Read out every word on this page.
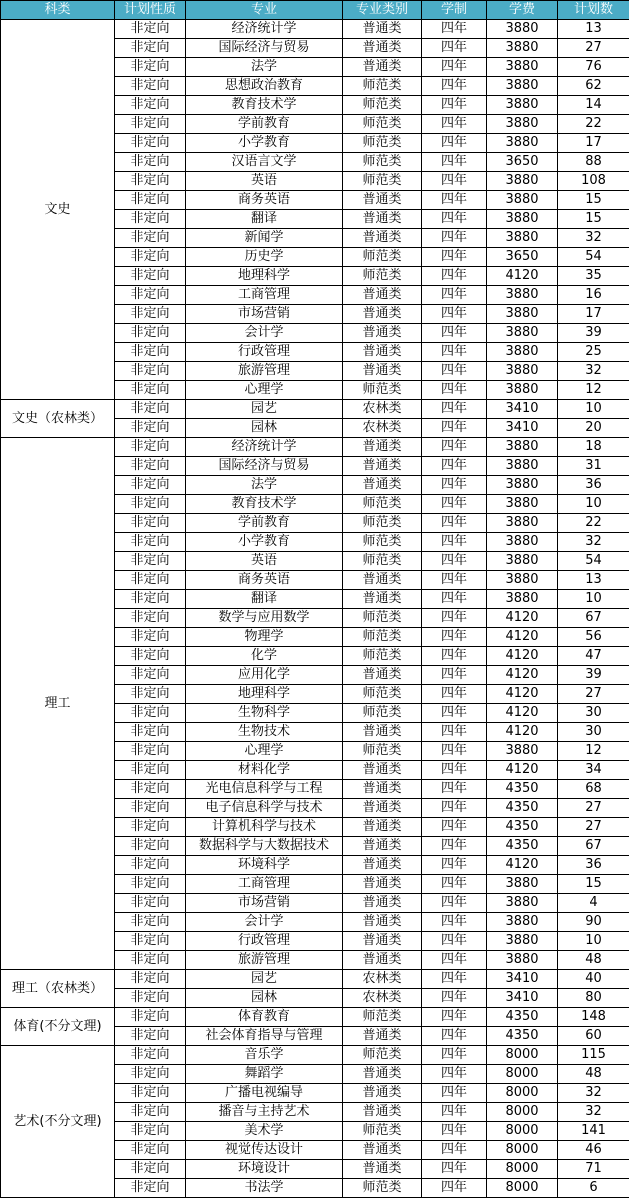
科类	计划性质	专业	专业类别	学制	学费	计划数
文史	非定向	经济统计学	普通类	四年	3880	13
	非定向	国际经济与贸易	普通类	四年	3880	27
	非定向	法学	普通类	四年	3880	76
	非定向	思想政治教育	师范类	四年	3880	62
	非定向	教育技术学	师范类	四年	3880	14
	非定向	学前教育	师范类	四年	3880	22
	非定向	小学教育	师范类	四年	3880	17
	非定向	汉语言文学	师范类	四年	3650	88
	非定向	英语	师范类	四年	3880	108
	非定向	商务英语	普通类	四年	3880	15
	非定向	翻译	普通类	四年	3880	15
	非定向	新闻学	普通类	四年	3880	32
	非定向	历史学	师范类	四年	3650	54
	非定向	地理科学	师范类	四年	4120	35
	非定向	工商管理	普通类	四年	3880	16
	非定向	市场营销	普通类	四年	3880	17
	非定向	会计学	普通类	四年	3880	39
	非定向	行政管理	普通类	四年	3880	25
	非定向	旅游管理	普通类	四年	3880	32
	非定向	心理学	师范类	四年	3880	12
文史（农林类）	非定向	园艺	农林类	四年	3410	10
	非定向	园林	农林类	四年	3410	20
理工	非定向	经济统计学	普通类	四年	3880	18
	非定向	国际经济与贸易	普通类	四年	3880	31
	非定向	法学	普通类	四年	3880	36
	非定向	教育技术学	师范类	四年	3880	10
	非定向	学前教育	师范类	四年	3880	22
	非定向	小学教育	师范类	四年	3880	32
	非定向	英语	师范类	四年	3880	54
	非定向	商务英语	普通类	四年	3880	13
	非定向	翻译	普通类	四年	3880	10
	非定向	数学与应用数学	师范类	四年	4120	67
	非定向	物理学	师范类	四年	4120	56
	非定向	化学	师范类	四年	4120	47
	非定向	应用化学	普通类	四年	4120	39
	非定向	地理科学	师范类	四年	4120	27
	非定向	生物科学	师范类	四年	4120	30
	非定向	生物技术	普通类	四年	4120	30
	非定向	心理学	师范类	四年	3880	12
	非定向	材料化学	普通类	四年	4120	34
	非定向	光电信息科学与工程	普通类	四年	4350	68
	非定向	电子信息科学与技术	普通类	四年	4350	27
	非定向	计算机科学与技术	普通类	四年	4350	27
	非定向	数据科学与大数据技术	普通类	四年	4350	67
	非定向	环境科学	普通类	四年	4120	36
	非定向	工商管理	普通类	四年	3880	15
	非定向	市场营销	普通类	四年	3880	4
	非定向	会计学	普通类	四年	3880	90
	非定向	行政管理	普通类	四年	3880	10
	非定向	旅游管理	普通类	四年	3880	48
理工（农林类）	非定向	园艺	农林类	四年	3410	40
	非定向	园林	农林类	四年	3410	80
体育(不分文理)	非定向	体育教育	师范类	四年	4350	148
	非定向	社会体育指导与管理	普通类	四年	4350	60
艺术(不分文理)	非定向	音乐学	师范类	四年	8000	115
	非定向	舞蹈学	普通类	四年	8000	48
	非定向	广播电视编导	普通类	四年	8000	32
	非定向	播音与主持艺术	普通类	四年	8000	32
	非定向	美术学	师范类	四年	8000	141
	非定向	视觉传达设计	普通类	四年	8000	46
	非定向	环境设计	普通类	四年	8000	71
	非定向	书法学	师范类	四年	8000	6
